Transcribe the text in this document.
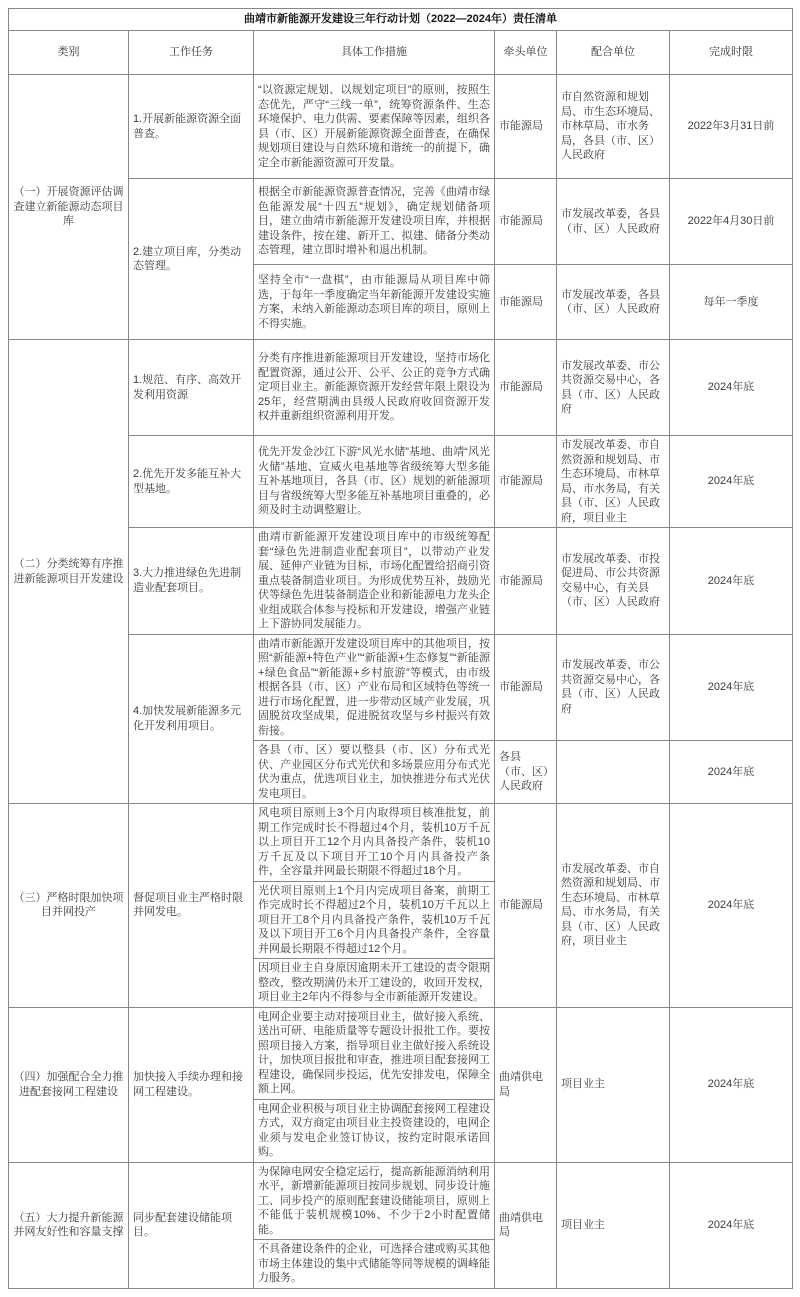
曲靖市新能源开发建设三年行动计划（2022—2024年）责任清单					
类别	工作任务	具体工作措施	牵头单位	配合单位	完成时限
（一）开展资源评估调查建立新能源动态项目库	1.开展新能源资源全面普查。	“以资源定规划、以规划定项目”的原则，按照生态优先，严守“三线一单”，统筹资源条件、生态环境保护、电力供需、要素保障等因素，组织各县（市、区）开展新能源资源全面普查，在确保规划项目建设与自然环境和谐统一的前提下，确定全市新能源资源可开发量。	市能源局	市自然资源和规划局、市生态环境局、市林草局、市水务局，各县（市、区）人民政府	2022年3月31日前
	2.建立项目库，分类动态管理。	根据全市新能源资源普查情况，完善《曲靖市绿色能源发展“十四五”规划》，确定规划储备项目，建立曲靖市新能源开发建设项目库，并根据建设条件，按在建、新开工、拟建、储备分类动态管理，建立即时增补和退出机制。	市能源局	市发展改革委，各县（市、区）人民政府	2022年4月30日前
		坚持全市“一盘棋”，由市能源局从项目库中筛选，于每年一季度确定当年新能源开发建设实施方案，未纳入新能源动态项目库的项目，原则上不得实施。	市能源局	市发展改革委，各县（市、区）人民政府	每年一季度
（二）分类统筹有序推进新能源项目开发建设	1.规范、有序、高效开发利用资源	分类有序推进新能源项目开发建设，坚持市场化配置资源，通过公开、公平、公正的竞争方式确定项目业主。新能源资源开发经营年限上限设为25年，经营期满由县级人民政府收回资源开发权并重新组织资源利用开发。	市能源局	市发展改革委、市公共资源交易中心，各县（市、区）人民政府	2024年底
	2.优先开发多能互补大型基地。	优先开发金沙江下游“风光水储”基地、曲靖“风光火储”基地、宣威火电基地等省级统筹大型多能互补基地项目，各县（市、区）规划的新能源项目与省级统筹大型多能互补基地项目重叠的，必须及时主动调整避让。	市能源局	市发展改革委、市自然资源和规划局、市生态环境局、市林草局、市水务局，有关县（市、区）人民政府，项目业主	2024年底
	3.大力推进绿色先进制造业配套项目。	曲靖市新能源开发建设项目库中的市级统筹配套“绿色先进制造业配套项目”，以带动产业发展、延伸产业链为目标，市场化配置给招商引资重点装备制造业项目。为形成优势互补，鼓励光伏等绿色先进装备制造企业和新能源电力龙头企业组成联合体参与投标和开发建设，增强产业链上下游协同发展能力。	市能源局	市发展改革委、市投促进局、市公共资源交易中心，有关县（市、区）人民政府	2024年底
	4.加快发展新能源多元化开发利用项目。	曲靖市新能源开发建设项目库中的其他项目，按照“新能源+特色产业”“新能源+生态修复”“新能源+绿色食品”“新能源+乡村旅游”等模式，由市级根据各县（市、区）产业布局和区域特色等统一进行市场化配置，进一步带动区域产业发展，巩固脱贫攻坚成果，促进脱贫攻坚与乡村振兴有效衔接。	市能源局	市发展改革委、市公共资源交易中心，各县（市、区）人民政府	2024年底
		各县（市、区）要以整县（市、区）分布式光伏、产业园区分布式光伏和多场景应用分布式光伏为重点，优选项目业主，加快推进分布式光伏发电项目。	各县（市、区）人民政府		2024年底
（三）严格时限加快项目并网投产	督促项目业主严格时限并网发电。	风电项目原则上3个月内取得项目核准批复，前期工作完成时长不得超过4个月，装机10万千瓦以上项目开工12个月内具备投产条件，装机10万千瓦及以下项目开工10个月内具备投产条件，全容量并网最长期限不得超过18个月。	市能源局	市发展改革委、市自然资源和规划局、市生态环境局、市林草局、市水务局，有关县（市、区）人民政府，项目业主	2024年底
		光伏项目原则上1个月内完成项目备案，前期工作完成时长不得超过2个月，装机10万千瓦以上项目开工8个月内具备投产条件，装机10万千瓦及以下项目开工6个月内具备投产条件，全容量并网最长期限不得超过12个月。			
		因项目业主自身原因逾期未开工建设的责令限期整改，整改期满仍未开工建设的，收回开发权，项目业主2年内不得参与全市新能源开发建设。			
（四）加强配合全力推进配套接网工程建设	加快接入手续办理和接网工程建设。	电网企业要主动对接项目业主，做好接入系统、送出可研、电能质量等专题设计报批工作。要按照项目接入方案，指导项目业主做好接入系统设计，加快项目报批和审查，推进项目配套接网工程建设，确保同步投运，优先安排发电，保障全额上网。	曲靖供电局	项目业主	2024年底
		电网企业积极与项目业主协调配套接网工程建设方式，双方商定由项目业主投资建设的，电网企业须与发电企业签订协议，按约定时限承诺回购。			
（五）大力提升新能源并网友好性和容量支撑	同步配套建设储能项目。	为保障电网安全稳定运行，提高新能源消纳利用水平，新增新能源项目按同步规划、同步设计施工、同步投产的原则配套建设储能项目，原则上不能低于装机规模10%、不少于2小时配置储能。	曲靖供电局	项目业主	2024年底
		不具备建设条件的企业，可选择合建或购买其他市场主体建设的集中式储能等同等规模的调峰能力服务。			
